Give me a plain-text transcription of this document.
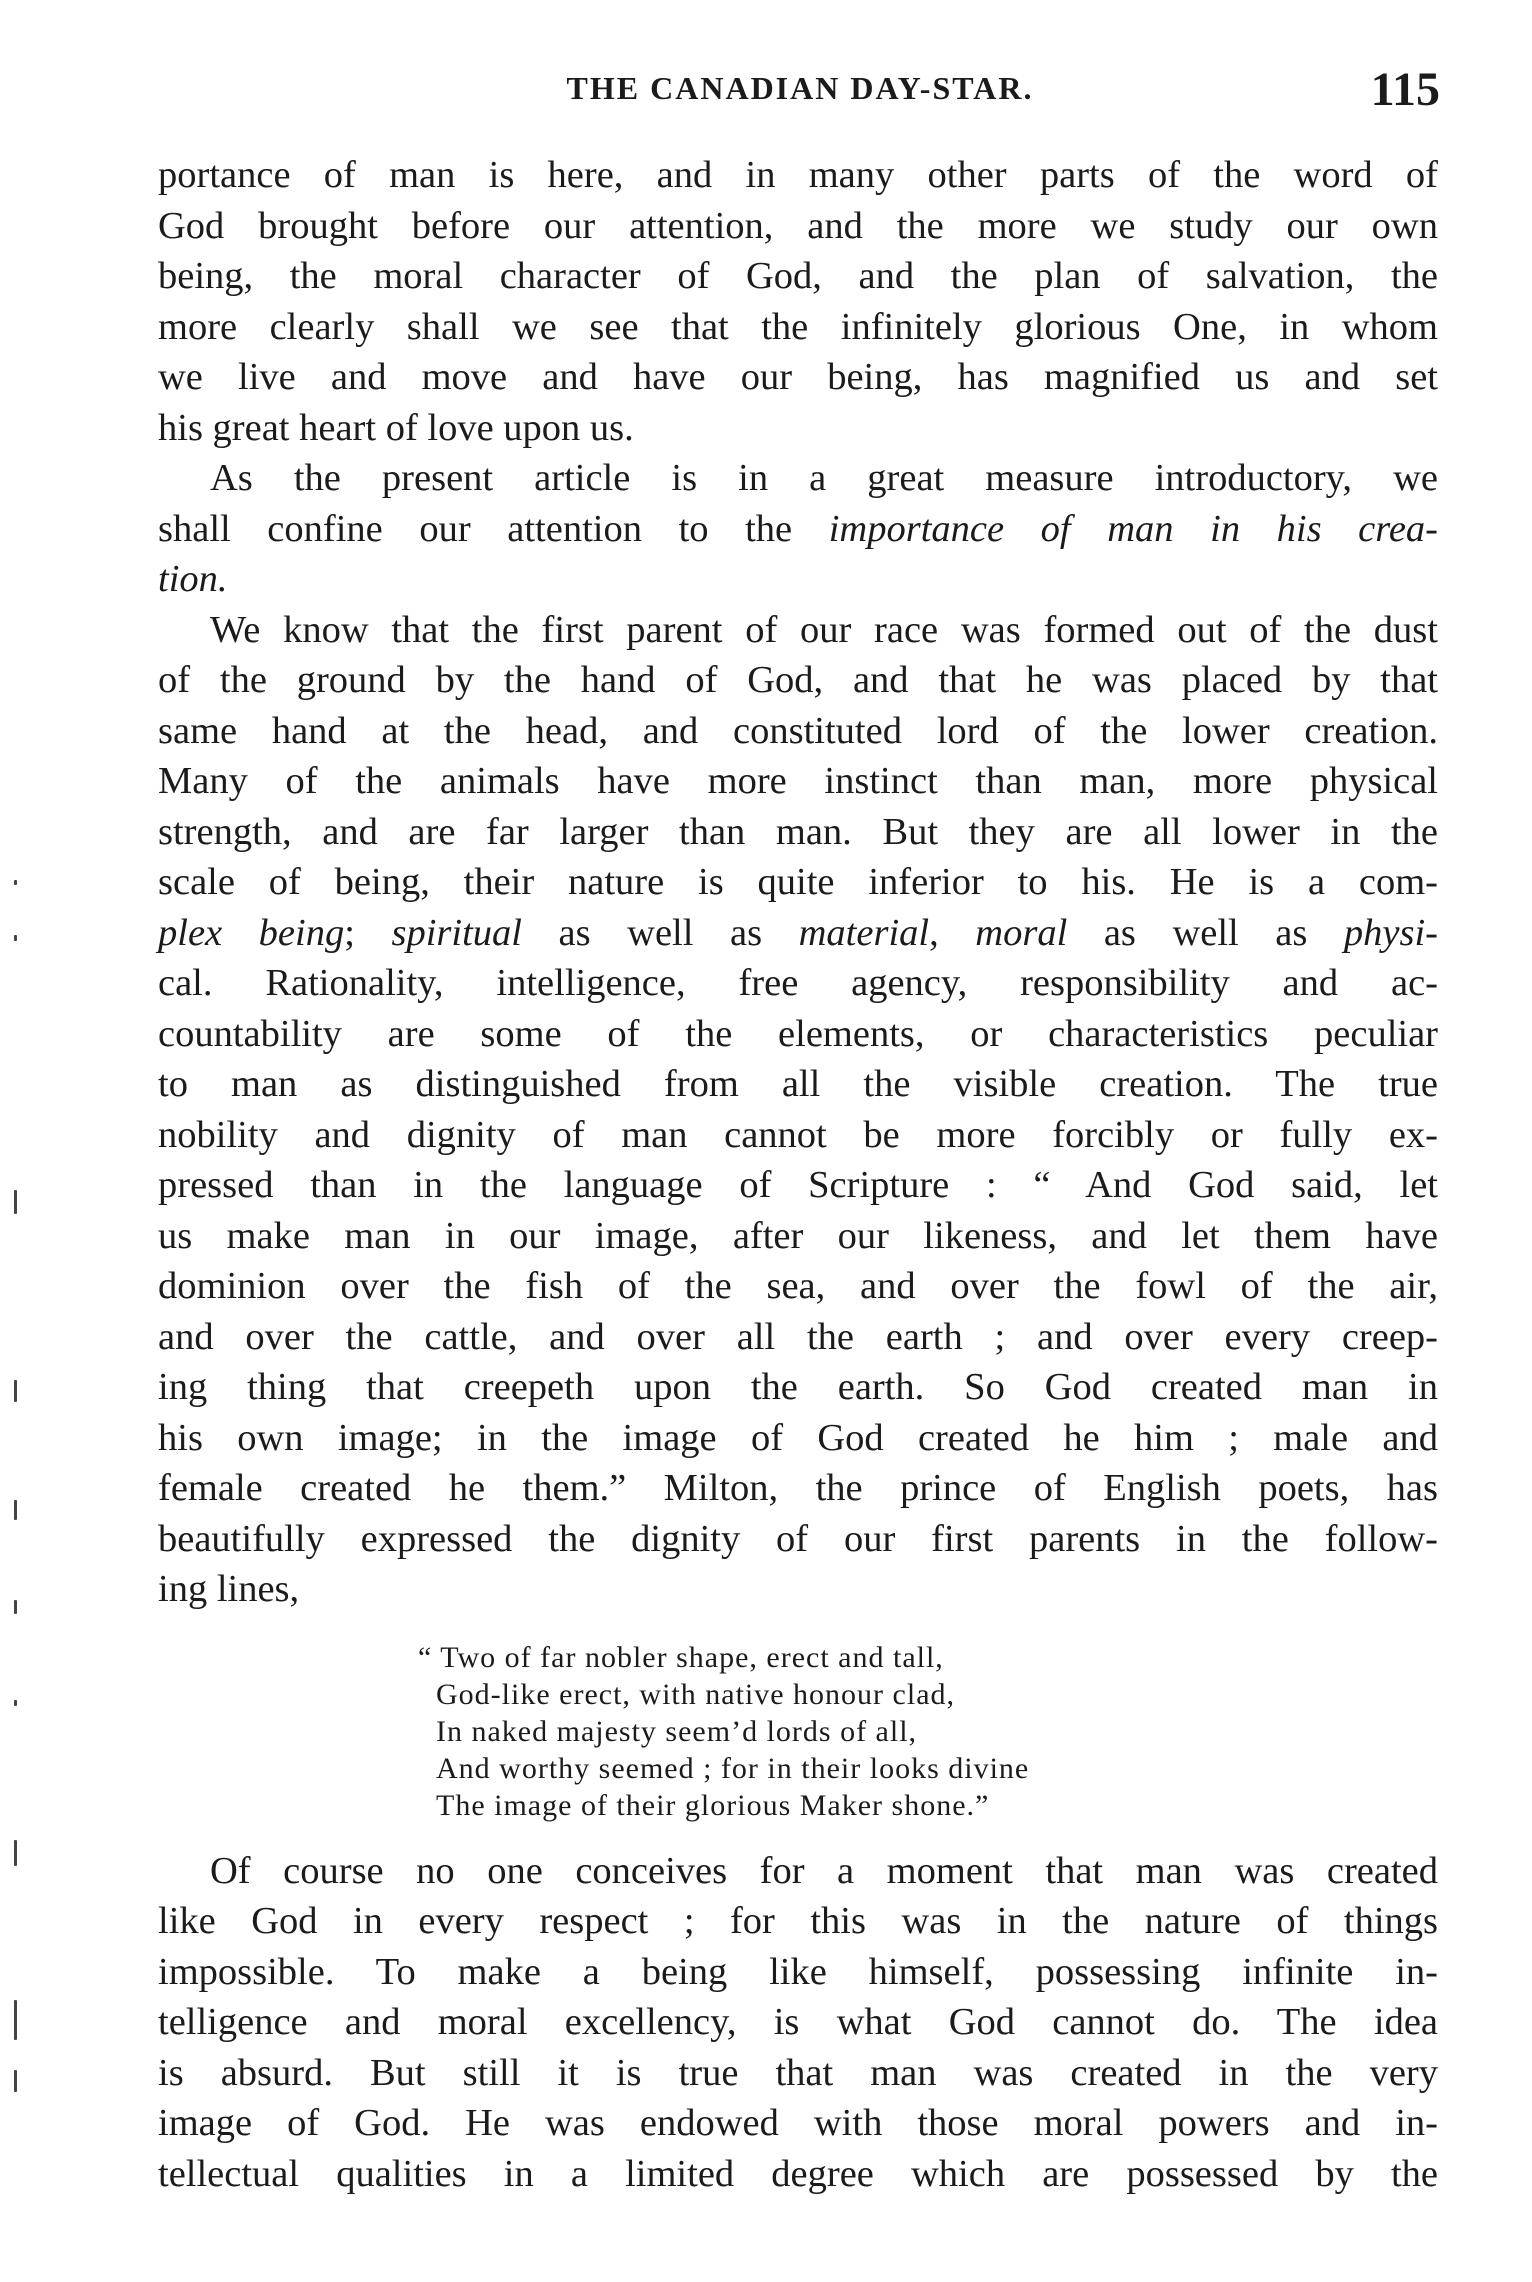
THE CANADIAN DAY-STAR.	115
portance of man is here, and in many other parts of the word of
God brought before our attention, and the more we study our own
being, the moral character of God, and the plan of salvation, the
more clearly shall we see that the infinitely glorious One, in whom
we live and move and have our being, has magnified us and set
his great heart of love upon us.
As the present article is in a great measure introductory, we
shall confine our attention to the importance of man in his crea-
tion.
We know that the first parent of our race was formed out of the dust
of the ground by the hand of God, and that he was placed by that
same hand at the head, and constituted lord of the lower creation.
Many of the animals have more instinct than man, more physical
strength, and are far larger than man. But they are all lower in the
scale of being, their nature is quite inferior to his. He is a com-
plex being; spiritual as well as material, moral as well as physi-
cal. Rationality, intelligence, free agency, responsibility and ac-
countability are some of the elements, or characteristics peculiar
to man as distinguished from all the visible creation. The true
nobility and dignity of man cannot be more forcibly or fully ex-
pressed than in the language of Scripture : “ And God said, let
us make man in our image, after our likeness, and let them have
dominion over the fish of the sea, and over the fowl of the air,
and over the cattle, and over all the earth ; and over every creep-
ing thing that creepeth upon the earth. So God created man in
his own image; in the image of God created he him ; male and
female created he them.” Milton, the prince of English poets, has
beautifully expressed the dignity of our first parents in the follow-
ing lines,
“ Two of far nobler shape, erect and tall,
God-like erect, with native honour clad,
In naked majesty seem’d lords of all,
And worthy seemed ; for in their looks divine
The image of their glorious Maker shone.”
Of course no one conceives for a moment that man was created
like God in every respect ; for this was in the nature of things
impossible. To make a being like himself, possessing infinite in-
telligence and moral excellency, is what God cannot do. The idea
is absurd. But still it is true that man was created in the very
image of God. He was endowed with those moral powers and in-
tellectual qualities in a limited degree which are possessed by the
